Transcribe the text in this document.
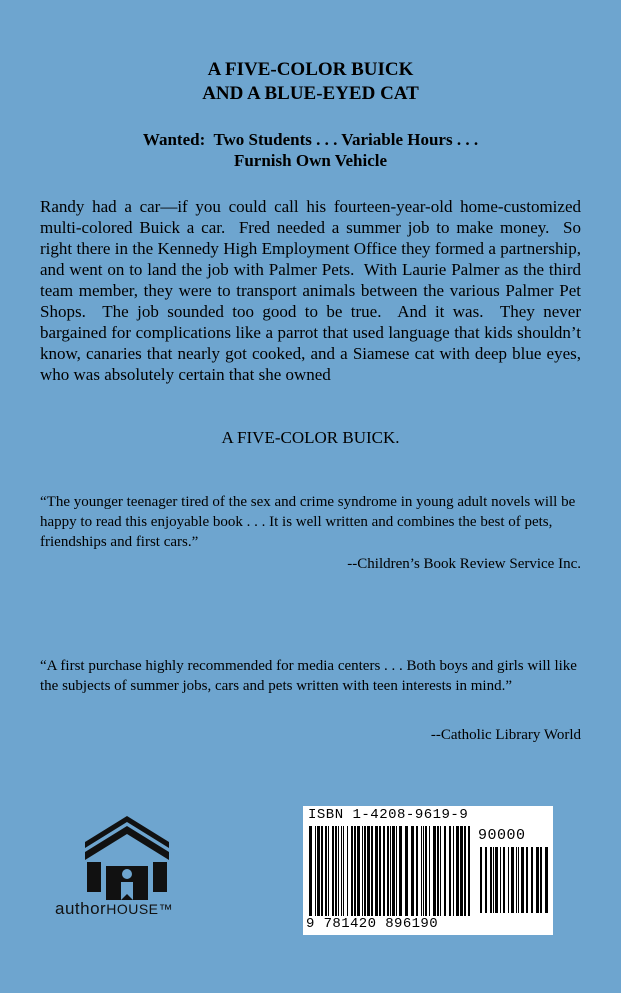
A FIVE-COLOR BUICK
AND A BLUE-EYED CAT
Wanted:  Two Students . . . Variable Hours . . .
Furnish Own Vehicle
Randy had a car—if you could call his fourteen-year-old home-customized multi-colored Buick a car.  Fred needed a summer job to make money.  So right there in the Kennedy High Employment Office they formed a partnership, and went on to land the job with Palmer Pets.  With Laurie Palmer as the third team member, they were to transport animals between the various Palmer Pet Shops.  The job sounded too good to be true.  And it was.  They never bargained for complications like a parrot that used language that kids shouldn’t know, canaries that nearly got cooked, and a Siamese cat with deep blue eyes, who was absolutely certain that she owned
A FIVE-COLOR BUICK.
“The younger teenager tired of the sex and crime syndrome in young adult novels will be happy to read this enjoyable book . . . It is well written and combines the best of pets, friendships and first cars.”
--Children’s Book Review Service Inc.
“A first purchase highly recommended for media centers . . . Both boys and girls will like the subjects of summer jobs, cars and pets written with teen interests in mind.”
--Catholic Library World
authorHOUSE™
ISBN 1-4208-9619-9
90000
9 781420 896190
